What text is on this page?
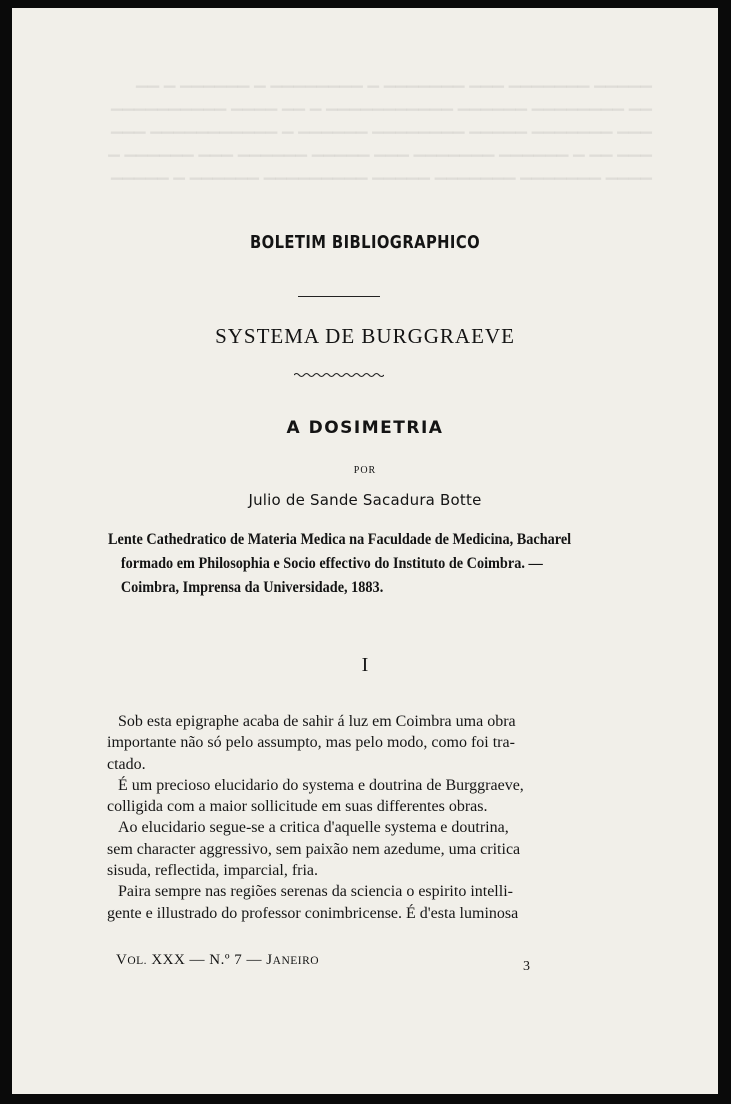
▁▁▁▁▁ ▁▁▁▁▁▁▁ ▁▁▁ ▁▁▁▁▁▁▁ ▁ ▁▁▁▁▁▁▁▁ ▁ ▁▁▁▁▁▁ ▁ ▁▁
▁▁ ▁▁▁▁▁▁▁▁ ▁▁▁▁▁▁ ▁▁▁▁▁▁▁▁▁▁▁ ▁ ▁▁ ▁▁▁▁ ▁▁▁▁▁▁▁▁▁▁
▁▁▁ ▁▁▁▁▁▁▁ ▁▁▁▁▁ ▁▁▁▁▁▁▁▁ ▁▁▁▁▁▁ ▁ ▁▁▁▁▁▁▁▁▁▁▁ ▁▁▁
▁▁▁ ▁▁ ▁ ▁▁▁▁▁▁ ▁▁▁▁▁▁▁ ▁▁▁ ▁▁▁▁▁ ▁▁▁▁▁▁ ▁▁▁ ▁▁▁▁▁▁ ▁
▁▁▁▁ ▁▁▁▁▁▁▁ ▁▁▁▁▁▁▁ ▁▁▁▁▁ ▁▁▁▁▁▁▁▁▁ ▁▁▁▁▁▁ ▁ ▁▁▁▁▁
BOLETIM BIBLIOGRAPHICO
SYSTEMA DE BURGGRAEVE
A DOSIMETRIA
POR
Julio de Sande Sacadura Botte
Lente Cathedratico de Materia Medica na Faculdade de Medicina, Bacharel
formado em Philosophia e Socio effectivo do Instituto de Coimbra. —
Coimbra, Imprensa da Universidade, 1883.
I
Sob esta epigraphe acaba de sahir á luz em Coimbra uma obra
importante não só pelo assumpto, mas pelo modo, como foi tra-
ctado.
É um precioso elucidario do systema e doutrina de Burggraeve,
colligida com a maior sollicitude em suas differentes obras.
Ao elucidario segue-se a critica d'aquelle systema e doutrina,
sem character aggressivo, sem paixão nem azedume, uma critica
sisuda, reflectida, imparcial, fria.
Paira sempre nas regiões serenas da sciencia o espirito intelli-
gente e illustrado do professor conimbricense. É d'esta luminosa
VOL. XXX — N.º 7 — JANEIRO	3
